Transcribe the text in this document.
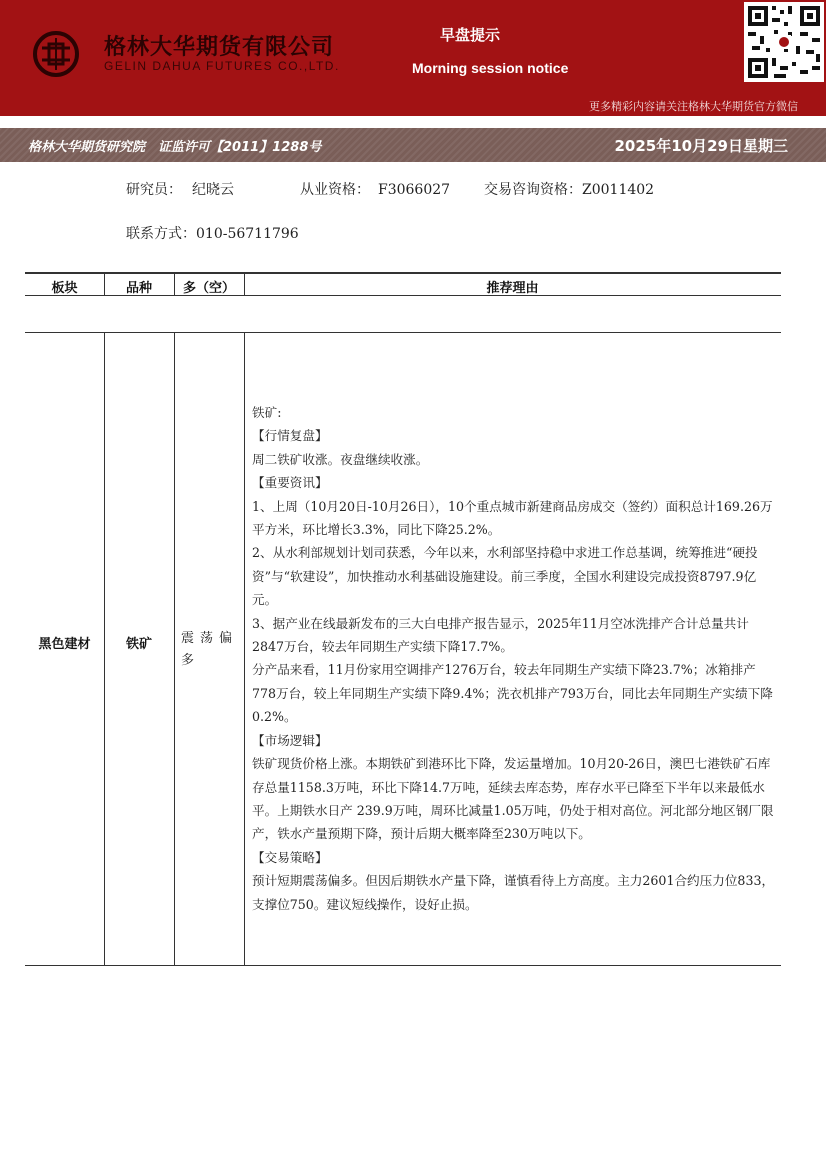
格林大华期货有限公司
GELIN DAHUA FUTURES CO.,LTD.
早盘提示
Morning session notice
更多精彩内容请关注格林大华期货官方微信
格林大华期货研究院　证监许可【2011】1288号	2025年10月29日星期三
研究员： 纪晓云	从业资格： F3066027 交易咨询资格：Z0011402
联系方式：010-56711796
板块	品种	多（空）	推荐理由
黑色建材	铁矿	震荡偏多

铁矿:

【行情复盘】

周二铁矿收涨。夜盘继续收涨。

【重要资讯】

1、上周（10月20日-10月26日），10个重点城市新建商品房成交（签约）面积总计169.26万平方米，环比增长3.3%，同比下降25.2%。

2、从水利部规划计划司获悉，今年以来，水利部坚持稳中求进工作总基调，统筹推进“硬投资”与“软建设”，加快推动水利基础设施建设。前三季度，全国水利建设完成投资8797.9亿元。

3、据产业在线最新发布的三大白电排产报告显示，2025年11月空冰洗排产合计总量共计2847万台，较去年同期生产实绩下降17.7%。

分产品来看，11月份家用空调排产1276万台，较去年同期生产实绩下降23.7%；冰箱排产778万台，较上年同期生产实绩下降9.4%；洗衣机排产793万台，同比去年同期生产实绩下降0.2%。

【市场逻辑】

铁矿现货价格上涨。本期铁矿到港环比下降，发运量增加。10月20-26日，澳巴七港铁矿石库存总量1158.3万吨，环比下降14.7万吨，延续去库态势，库存水平已降至下半年以来最低水平。上期铁水日产 239.9万吨，周环比减量1.05万吨，仍处于相对高位。河北部分地区钢厂限产，铁水产量预期下降，预计后期大概率降至230万吨以下。

【交易策略】

预计短期震荡偏多。但因后期铁水产量下降，谨慎看待上方高度。主力2601合约压力位833，支撑位750。建议短线操作，设好止损。
